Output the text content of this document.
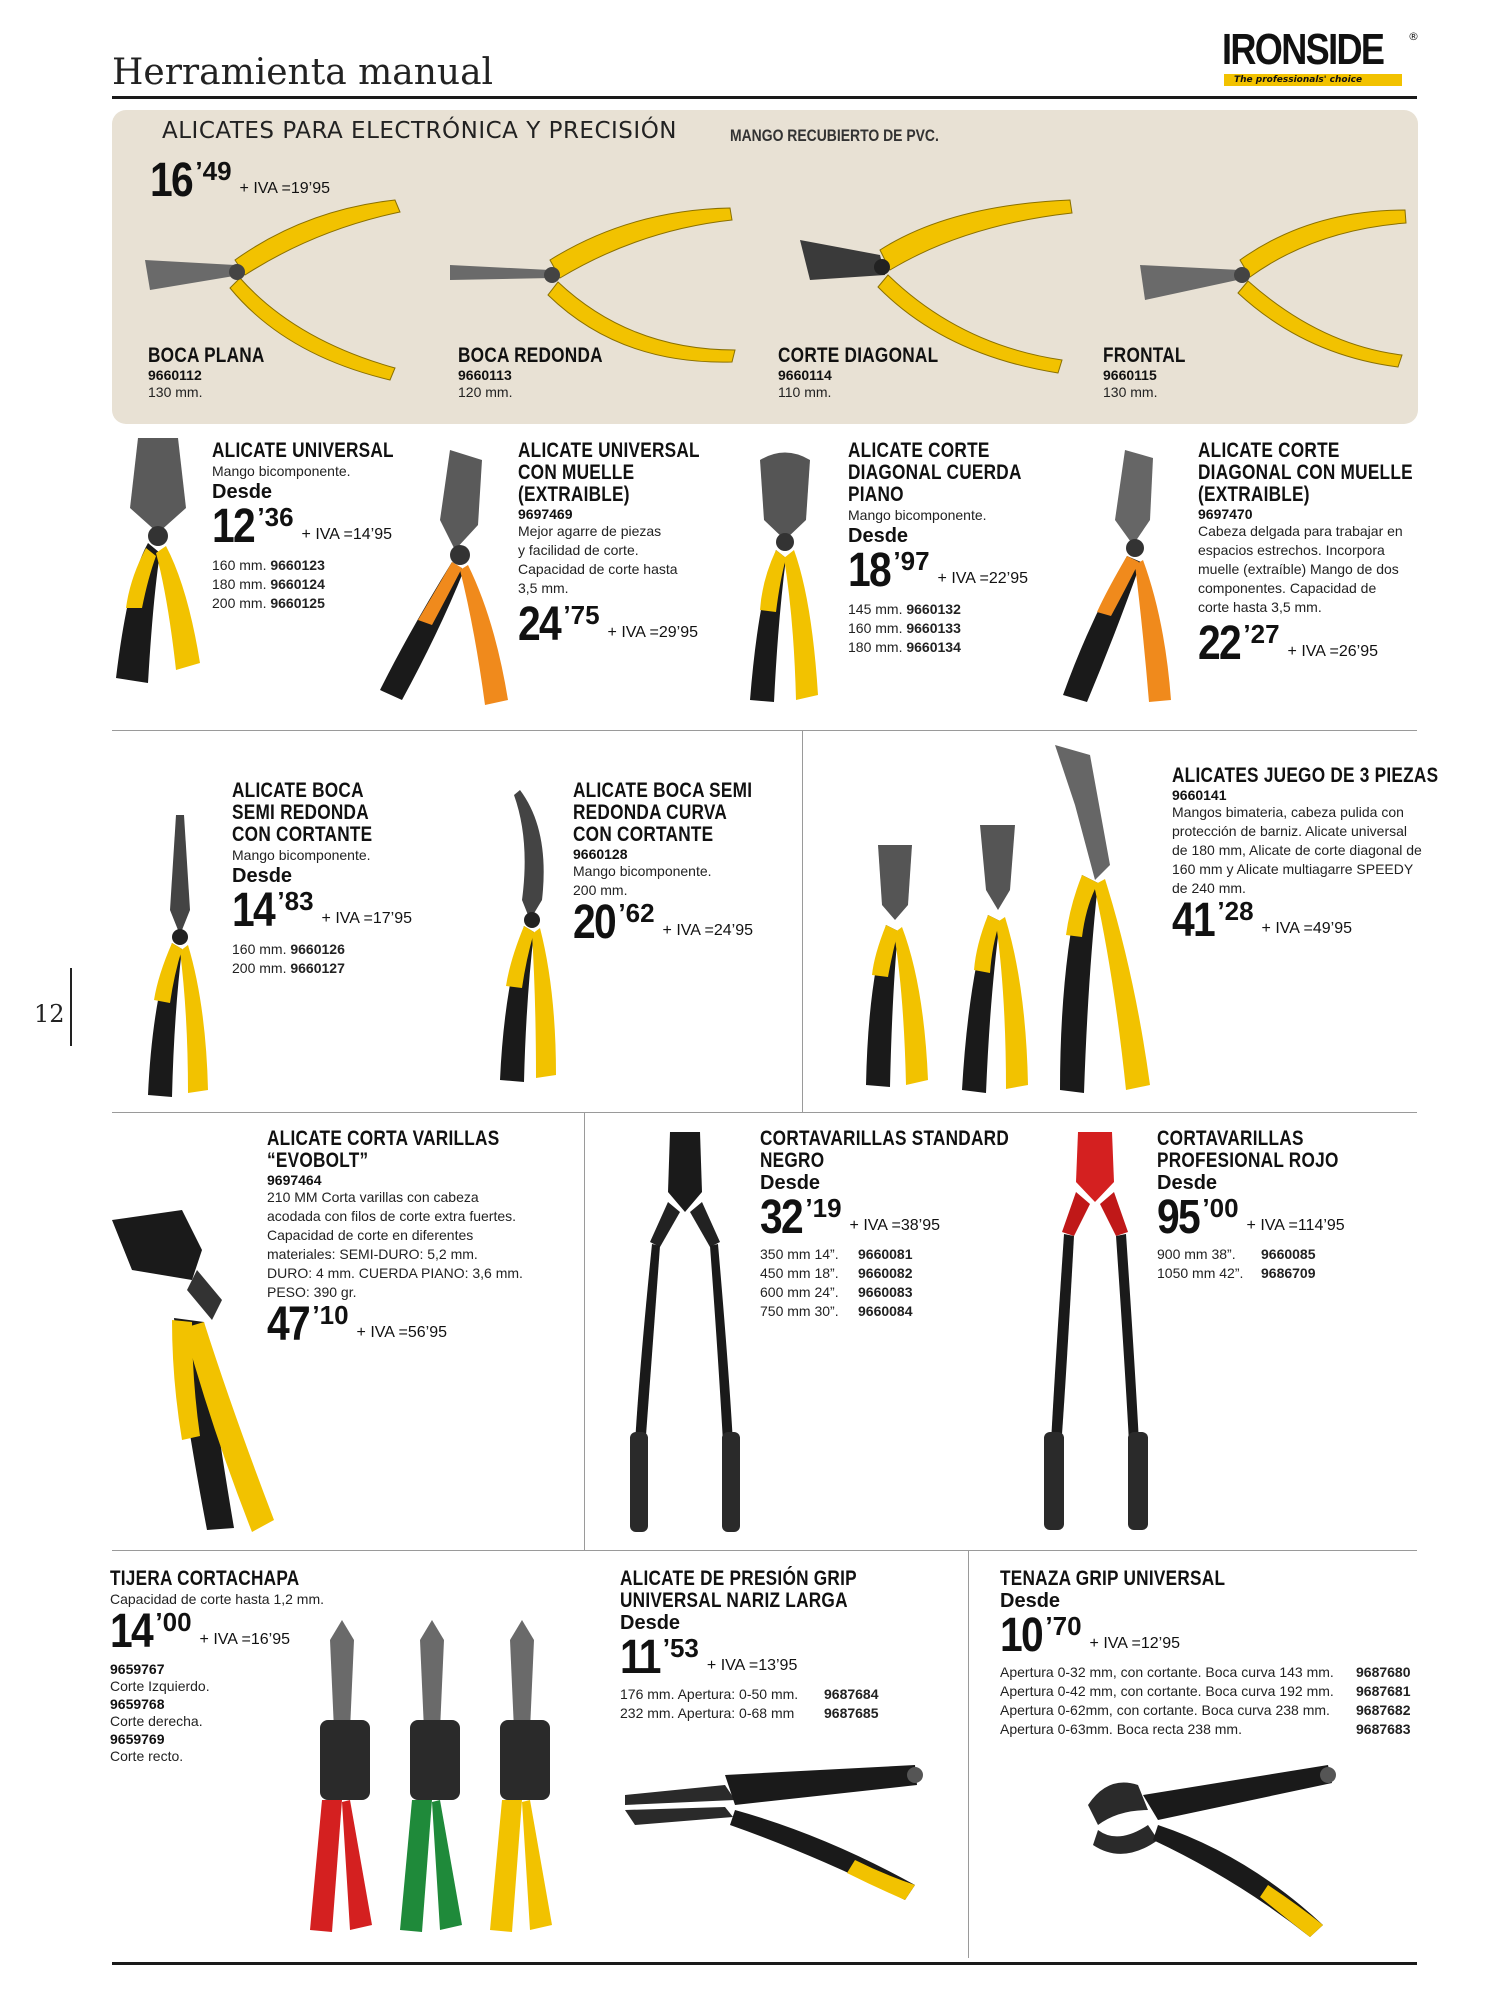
Herramienta manual	IRONSIDE ®
The professionals' choice
12
ALICATES PARA ELECTRÓNICA Y PRECISIÓN	MANGO RECUBIERTO DE PVC.
16 ’49
+ IVA =19’95
BOCA PLANA
9660112
130 mm.
BOCA REDONDA
9660113
120 mm.
CORTE DIAGONAL
9660114
110 mm.
FRONTAL
9660115
130 mm.
ALICATE UNIVERSAL
Mango bicomponente.
Desde
12 ’36
+ IVA =14’95
160 mm. 9660123
180 mm. 9660124
200 mm. 9660125
ALICATE UNIVERSAL
CON MUELLE
(EXTRAIBLE)
9697469
Mejor agarre de piezas
y facilidad de corte.
Capacidad de corte hasta
3,5 mm.
24 ’75
+ IVA =29’95
ALICATE CORTE
DIAGONAL CUERDA
PIANO
Mango bicomponente.
Desde
18 ’97
+ IVA =22’95
145 mm. 9660132
160 mm. 9660133
180 mm. 9660134
ALICATE CORTE
DIAGONAL CON MUELLE
(EXTRAIBLE)
9697470
Cabeza delgada para trabajar en
espacios estrechos. Incorpora
muelle (extraíble) Mango de dos
componentes. Capacidad de
corte hasta 3,5 mm.
22 ’27
+ IVA =26’95
ALICATE BOCA
SEMI REDONDA
CON CORTANTE
Mango bicomponente.
Desde
14 ’83
+ IVA =17’95
160 mm. 9660126
200 mm. 9660127
ALICATE BOCA SEMI
REDONDA CURVA
CON CORTANTE
9660128
Mango bicomponente.
200 mm.
20 ’62
+ IVA =24’95
ALICATES JUEGO DE 3 PIEZAS
9660141
Mangos bimateria, cabeza pulida con
protección de barniz. Alicate universal
de 180 mm, Alicate de corte diagonal de
160 mm y Alicate multiagarre SPEEDY
de 240 mm.
41 ’28
+ IVA =49’95
ALICATE CORTA VARILLAS
“EVOBOLT”
9697464
210 MM Corta varillas con cabeza
acodada con filos de corte extra fuertes.
Capacidad de corte en diferentes
materiales: SEMI-DURO: 5,2 mm.
DURO: 4 mm. CUERDA PIANO: 3,6 mm.
PESO: 390 gr.
47 ’10
+ IVA =56’95
CORTAVARILLAS STANDARD
NEGRO
Desde
32 ’19
+ IVA =38’95
350 mm 14”. 9660081
450 mm 18”. 9660082
600 mm 24”. 9660083
750 mm 30”. 9660084
CORTAVARILLAS
PROFESIONAL ROJO
Desde
95 ’00
+ IVA =114’95
900 mm 38”. 9660085
1050 mm 42”. 9686709
TIJERA CORTACHAPA
Capacidad de corte hasta 1,2 mm.
14 ’00
+ IVA =16’95
9659767
Corte Izquierdo.
9659768
Corte derecha.
9659769
Corte recto.
ALICATE DE PRESIÓN GRIP
UNIVERSAL NARIZ LARGA
Desde
11 ’53
+ IVA =13’95
176 mm. Apertura: 0-50 mm. 9687684
232 mm. Apertura: 0-68 mm 9687685
TENAZA GRIP UNIVERSAL
Desde
10 ’70
+ IVA =12’95
Apertura 0-32 mm, con cortante. Boca curva 143 mm. 9687680
Apertura 0-42 mm, con cortante. Boca curva 192 mm. 9687681
Apertura 0-62mm, con cortante. Boca curva 238 mm. 9687682
Apertura 0-63mm. Boca recta 238 mm.	9687683
